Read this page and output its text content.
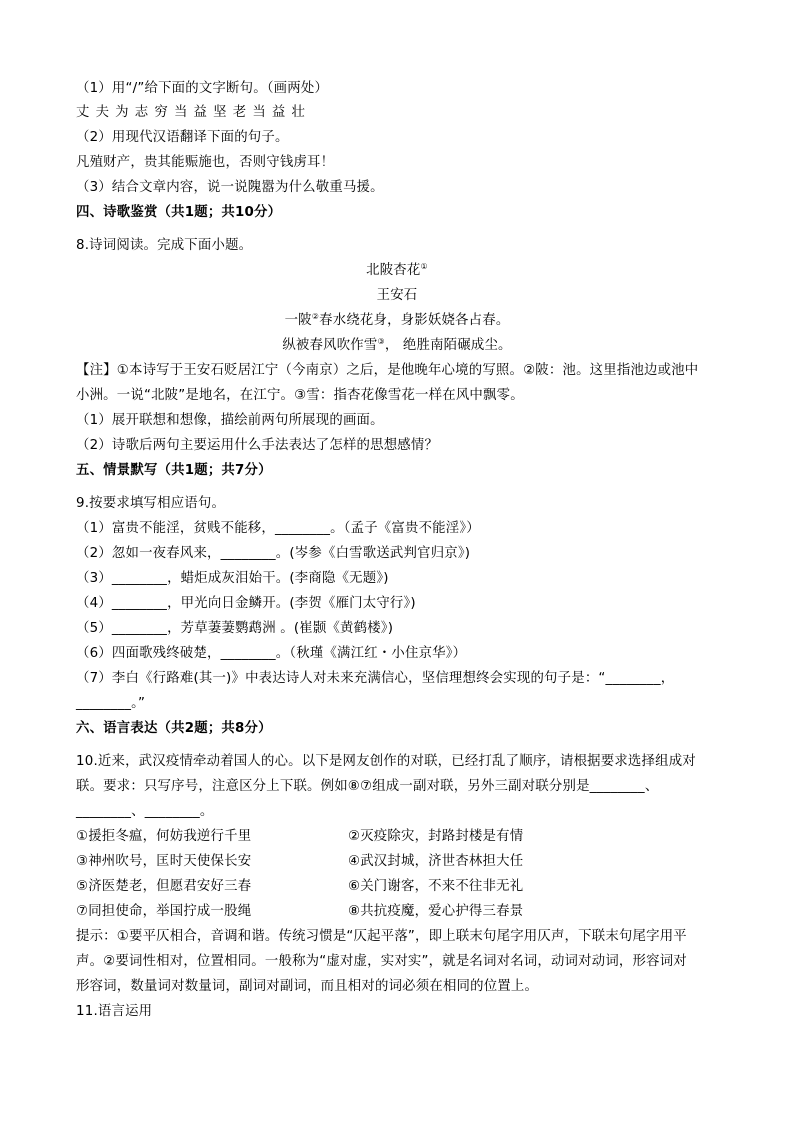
（1）用“/”给下面的文字断句。（画两处）
丈夫为志穷当益坚老当益壮
（2）用现代汉语翻译下面的句子。
凡殖财产，贵其能赈施也，否则守钱虏耳！
（3）结合文章内容，说一说隗嚣为什么敬重马援。
四、诗歌鉴赏（共1题；共10分）
8.诗词阅读。完成下面小题。
北陂杏花①
王安石
一陂②春水绕花身，身影妖娆各占春。
纵被春风吹作雪③， 绝胜南陌碾成尘。
【注】①本诗写于王安石贬居江宁（今南京）之后，是他晚年心境的写照。②陂：池。这里指池边或池中
小洲。一说“北陂”是地名，在江宁。③雪：指杏花像雪花一样在风中飘零。
（1）展开联想和想像，描绘前两句所展现的画面。
（2）诗歌后两句主要运用什么手法表达了怎样的思想感情？
五、情景默写（共1题；共7分）
9.按要求填写相应语句。
（1）富贵不能淫，贫贱不能移，________。（孟子《富贵不能淫》）
（2）忽如一夜春风来，________。(岑参《白雪歌送武判官归京》)
（3）________，蜡炬成灰泪始干。(李商隐《无题》)
（4）________，甲光向日金鳞开。(李贺《雁门太守行》)
（5）________，芳草萋萋鹦鹉洲 。(崔颢《黄鹤楼》)
（6）四面歌残终破楚，________。（秋瑾《满江红・小住京华》）
（7）李白《行路难(其一)》中表达诗人对未来充满信心，坚信理想终会实现的句子是：“________，
________。”
六、语言表达（共2题；共8分）
10.近来，武汉疫情牵动着国人的心。以下是网友创作的对联，已经打乱了顺序，请根据要求选择组成对
联。要求：只写序号，注意区分上下联。例如⑧⑦组成一副对联，另外三副对联分别是________、
________、________。
①援拒冬瘟，何妨我逆行千里	②灭疫除灾，封路封楼是有情
③神州吹号，匡时天使保长安	④武汉封城，济世杏林担大任
⑤济医楚老，但愿君安好三春	⑥关门谢客，不来不往非无礼
⑦同担使命，举国拧成一股绳	⑧共抗疫魔，爱心护得三春景
提示：①要平仄相合，音调和谐。传统习惯是“仄起平落”，即上联末句尾字用仄声，下联末句尾字用平
声。②要词性相对，位置相同。一般称为“虚对虚，实对实”，就是名词对名词，动词对动词，形容词对
形容词，数量词对数量词，副词对副词，而且相对的词必须在相同的位置上。
11.语言运用
